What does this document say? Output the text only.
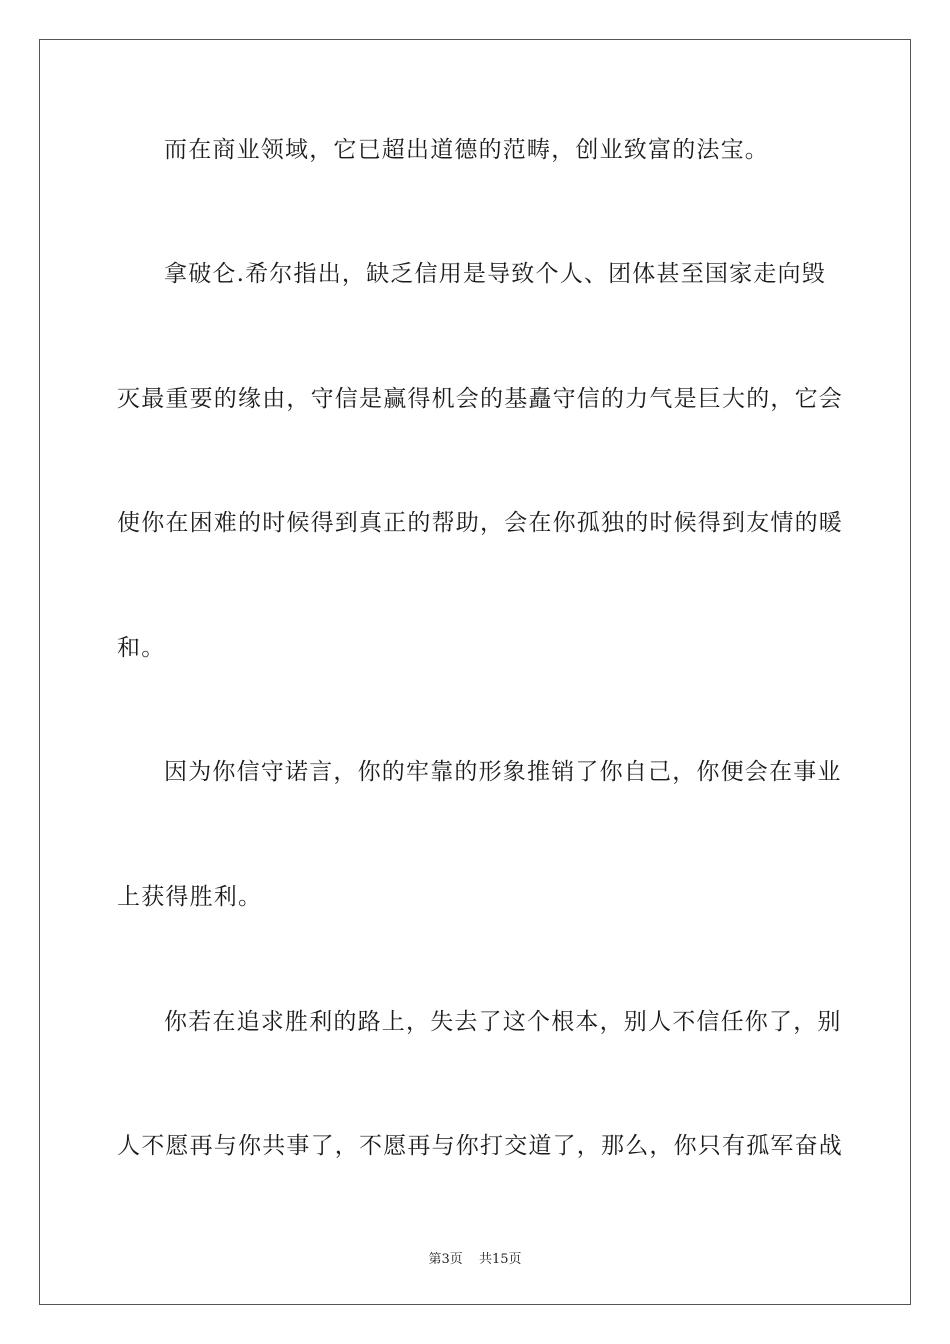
而在商业领域，它已超出道德的范畴，创业致富的法宝。
拿破仑.希尔指出，缺乏信用是导致个人、团体甚至国家走向毁
灭最重要的缘由，守信是赢得机会的基矗守信的力气是巨大的，它会
使你在困难的时候得到真正的帮助，会在你孤独的时候得到友情的暖
和。
因为你信守诺言，你的牢靠的形象推销了你自己，你便会在事业
上获得胜利。
你若在追求胜利的路上，失去了这个根本，别人不信任你了，别
人不愿再与你共事了，不愿再与你打交道了，那么，你只有孤军奋战
第3页 共15页
